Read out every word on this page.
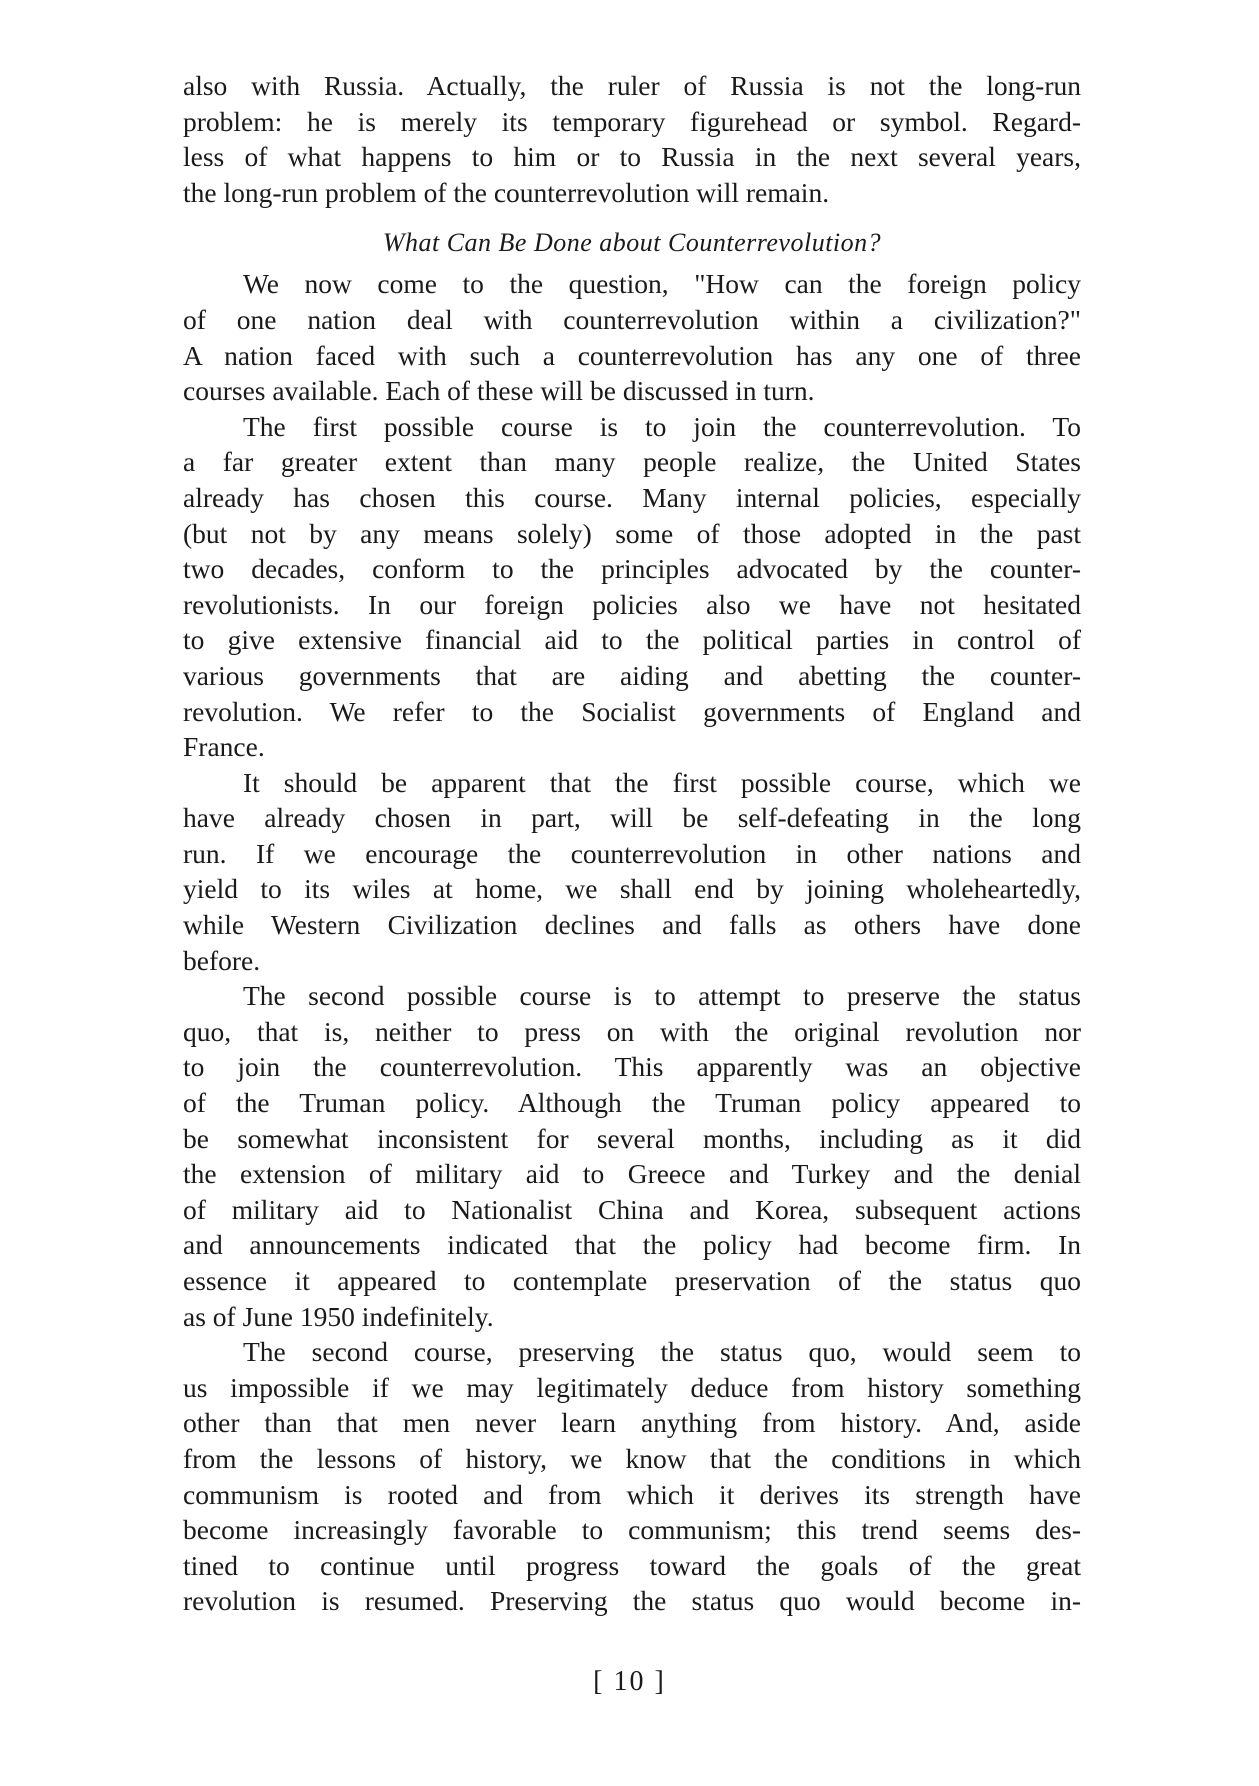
also with Russia. Actually, the ruler of Russia is not the long-run
problem: he is merely its temporary figurehead or symbol. Regard-
less of what happens to him or to Russia in the next several years,
the long-run problem of the counterrevolution will remain.
What Can Be Done about Counterrevolution?
We now come to the question, "How can the foreign policy
of one nation deal with counterrevolution within a civilization?"
A nation faced with such a counterrevolution has any one of three
courses available. Each of these will be discussed in turn.
The first possible course is to join the counterrevolution. To
a far greater extent than many people realize, the United States
already has chosen this course. Many internal policies, especially
(but not by any means solely) some of those adopted in the past
two decades, conform to the principles advocated by the counter-
revolutionists. In our foreign policies also we have not hesitated
to give extensive financial aid to the political parties in control of
various governments that are aiding and abetting the counter-
revolution. We refer to the Socialist governments of England and
France.
It should be apparent that the first possible course, which we
have already chosen in part, will be self-defeating in the long
run. If we encourage the counterrevolution in other nations and
yield to its wiles at home, we shall end by joining wholeheartedly,
while Western Civilization declines and falls as others have done
before.
The second possible course is to attempt to preserve the status
quo, that is, neither to press on with the original revolution nor
to join the counterrevolution. This apparently was an objective
of the Truman policy. Although the Truman policy appeared to
be somewhat inconsistent for several months, including as it did
the extension of military aid to Greece and Turkey and the denial
of military aid to Nationalist China and Korea, subsequent actions
and announcements indicated that the policy had become firm. In
essence it appeared to contemplate preservation of the status quo
as of June 1950 indefinitely.
The second course, preserving the status quo, would seem to
us impossible if we may legitimately deduce from history something
other than that men never learn anything from history. And, aside
from the lessons of history, we know that the conditions in which
communism is rooted and from which it derives its strength have
become increasingly favorable to communism; this trend seems des-
tined to continue until progress toward the goals of the great
revolution is resumed. Preserving the status quo would become in-
[ 10 ]
